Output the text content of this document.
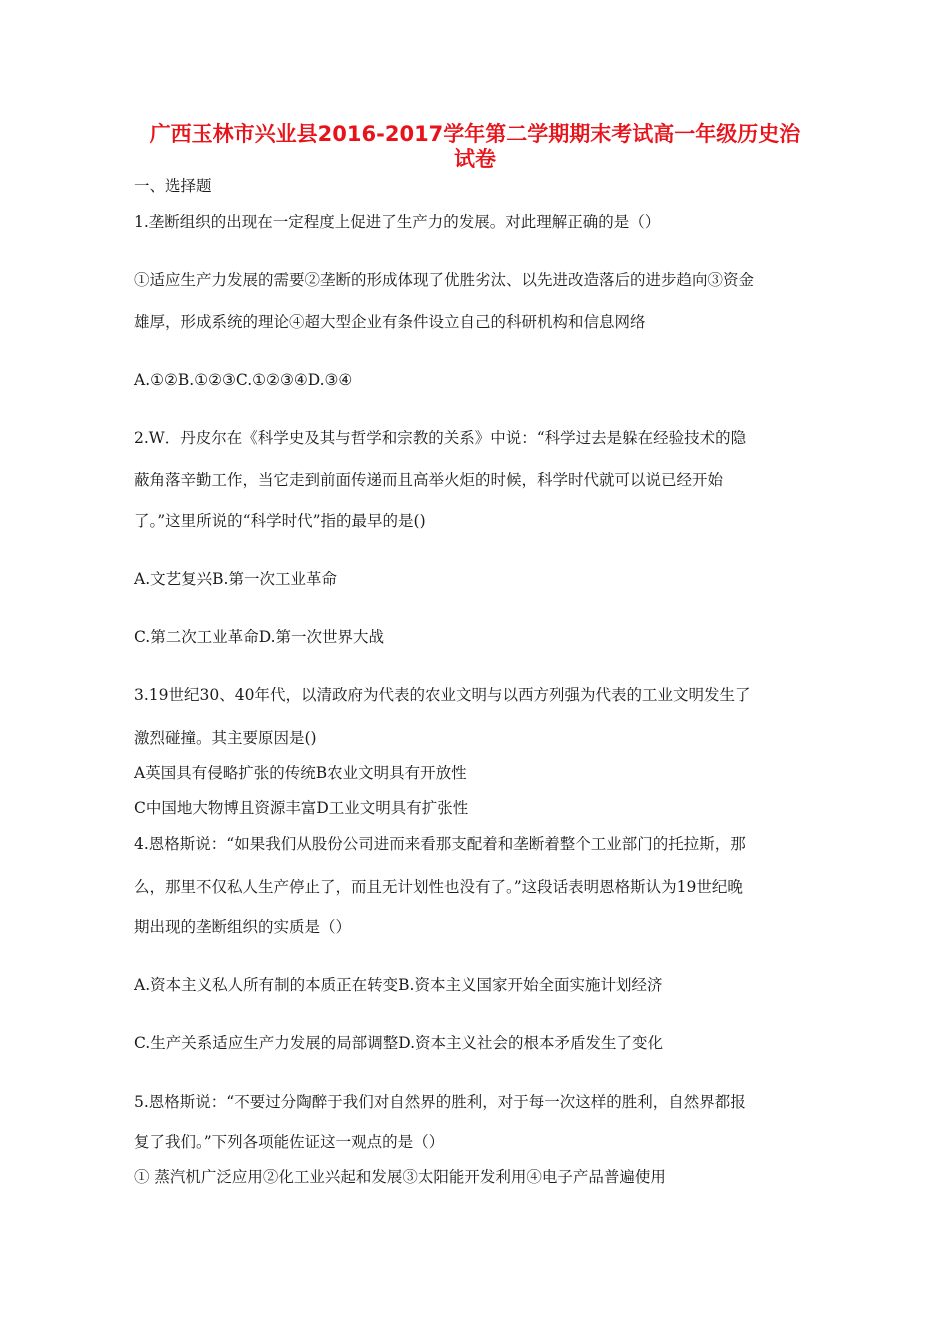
广西玉林市兴业县2016-2017学年第二学期期末考试高一年级历史治
试卷
一、选择题
1.垄断组织的出现在一定程度上促进了生产力的发展。对此理解正确的是（）
①适应生产力发展的需要②垄断的形成体现了优胜劣汰、以先进改造落后的进步趋向③资金
雄厚，形成系统的理论④超大型企业有条件设立自己的科研机构和信息网络
A.①②B.①②③C.①②③④D.③④
2.W．丹皮尔在《科学史及其与哲学和宗教的关系》中说：“科学过去是躲在经验技术的隐
蔽角落辛勤工作，当它走到前面传递而且高举火炬的时候，科学时代就可以说已经开始
了。”这里所说的“科学时代”指的最早的是()
A.文艺复兴B.第一次工业革命
C.第二次工业革命D.第一次世界大战
3.19世纪30、40年代，以清政府为代表的农业文明与以西方列强为代表的工业文明发生了
激烈碰撞。其主要原因是()
A英国具有侵略扩张的传统B农业文明具有开放性
C中国地大物博且资源丰富D工业文明具有扩张性
4.恩格斯说：“如果我们从股份公司进而来看那支配着和垄断着整个工业部门的托拉斯，那
么，那里不仅私人生产停止了，而且无计划性也没有了。”这段话表明恩格斯认为19世纪晚
期出现的垄断组织的实质是（）
A.资本主义私人所有制的本质正在转变B.资本主义国家开始全面实施计划经济
C.生产关系适应生产力发展的局部调整D.资本主义社会的根本矛盾发生了变化
5.恩格斯说：“不要过分陶醉于我们对自然界的胜利，对于每一次这样的胜利，自然界都报
复了我们。”下列各项能佐证这一观点的是（）
① 蒸汽机广泛应用②化工业兴起和发展③太阳能开发利用④电子产品普遍使用
